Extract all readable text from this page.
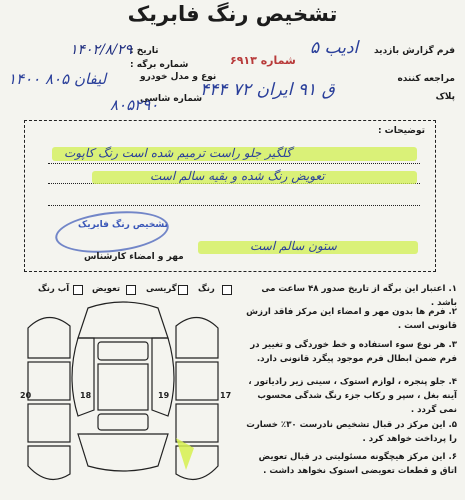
تشخیص رنگ فابریک
فرم گزارش بازدید
۵ ادیب
تاریخ :
۱۴۰۲/۸/۲۹
شماره برگه :	شماره ۶۹۱۳
مراجعه کننده
پلاک
۴۴۴ ق ۹۱ ایران ۷۲
نوع و مدل خودرو
۱۴۰۰ لیفان ۸۰۵
شماره شاسی
۸۰۵۲۹۰
توضیحات :
گلگیر جلو راست ترمیم شده است رنگ کاپوت
تعویض رنگ شده و بقیه سالم است
ستون سالم است
تشخیص رنگ فابریک
مهر و امضاء کارشناس
رنگ
گریسی
تعویض
آب رنگ	۱. اعتبار این برگه از تاریخ صدور ۴۸ ساعت می باشد .
۲. فرم ها بدون مهر و امضاء این مرکز فاقد ارزش قانونی است .
۳. هر نوع سوء استفاده و خط خوردگی و تغییر در فرم ضمن ابطال فرم موجود پیگرد قانونی دارد.
۴. جلو پنجره ، لوازم استوک ، سینی زیر رادیاتور ، آینه بغل ، سپر و رکاب جزء رنگ شدگی محسوب نمی گردد .
۵. این مرکز در قبال تشخیص نادرست ۳۰٪ خسارت را پرداخت خواهد کرد .
۶. این مرکز هیچگونه مسئولیتی در قبال تعویض اتاق و قطعات تعویضی استوک نخواهد داشت .
20	18	19	17
